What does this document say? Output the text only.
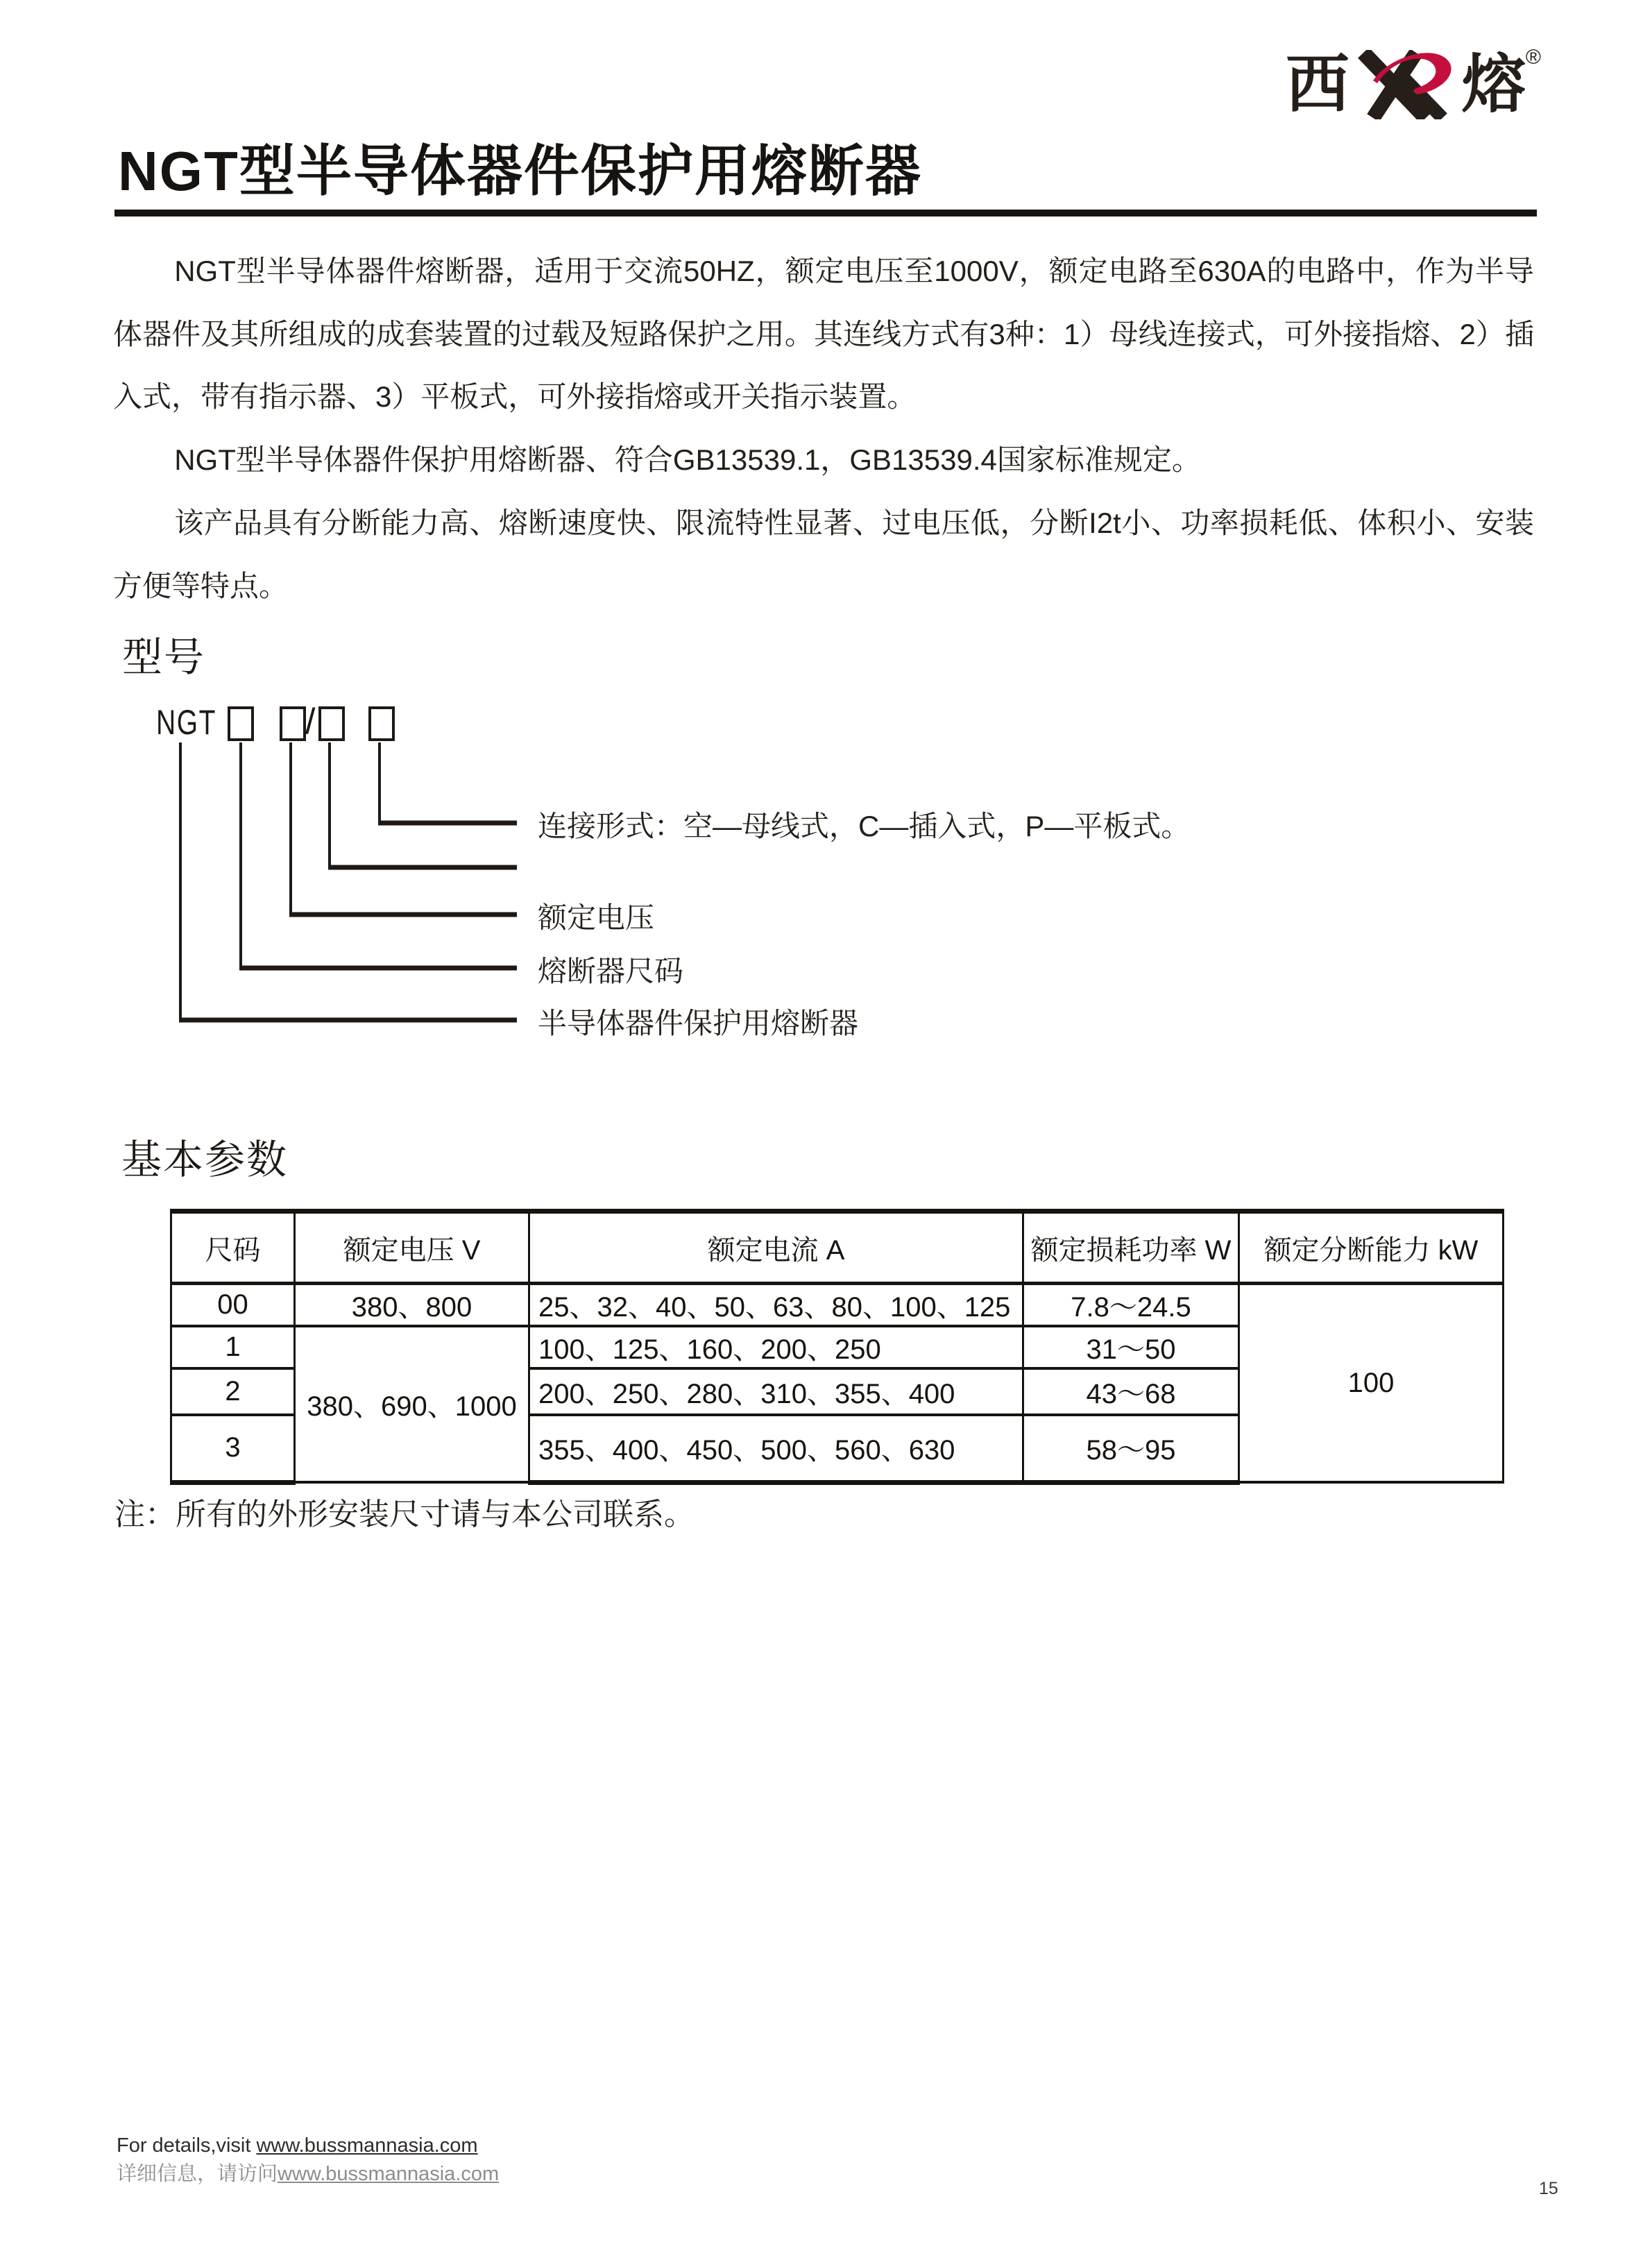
西 熔 ®
NGT型半导体器件保护用熔断器

NGT型半导体器件熔断器，适用于交流50HZ，额定电压至1000V，额定电路至630A的电路中，作为半导体器件及其所组成的成套装置的过载及短路保护之用。其连线方式有3种：1）母线连接式，可外接指熔、2）插入式，带有指示器、3）平板式，可外接指熔或开关指示装置。

NGT型半导体器件保护用熔断器、符合GB13539.1，GB13539.4国家标准规定。

该产品具有分断能力高、熔断速度快、限流特性显著、过电压低，分断I2t小、功率损耗低、体积小、安装方便等特点。

型号
NGT /
连接形式：空—母线式，C—插入式，P—平板式。
额定电压
熔断器尺码
半导体器件保护用熔断器
基本参数
尺码	额定电压 V	额定电流 A	额定损耗功率 W	额定分断能力 kW
00	380、800	25、32、40、50、63、80、100、125	7.8～24.5	100
1	380、690、1000	100、125、160、200、250	31～50	
2		200、250、280、310、355、400	43～68	
3		355、400、450、500、560、630	58～95	

注：所有的外形安装尺寸请与本公司联系。

For details,visit www.bussmannasia.com
详细信息，请访问www.bussmannasia.com
15
